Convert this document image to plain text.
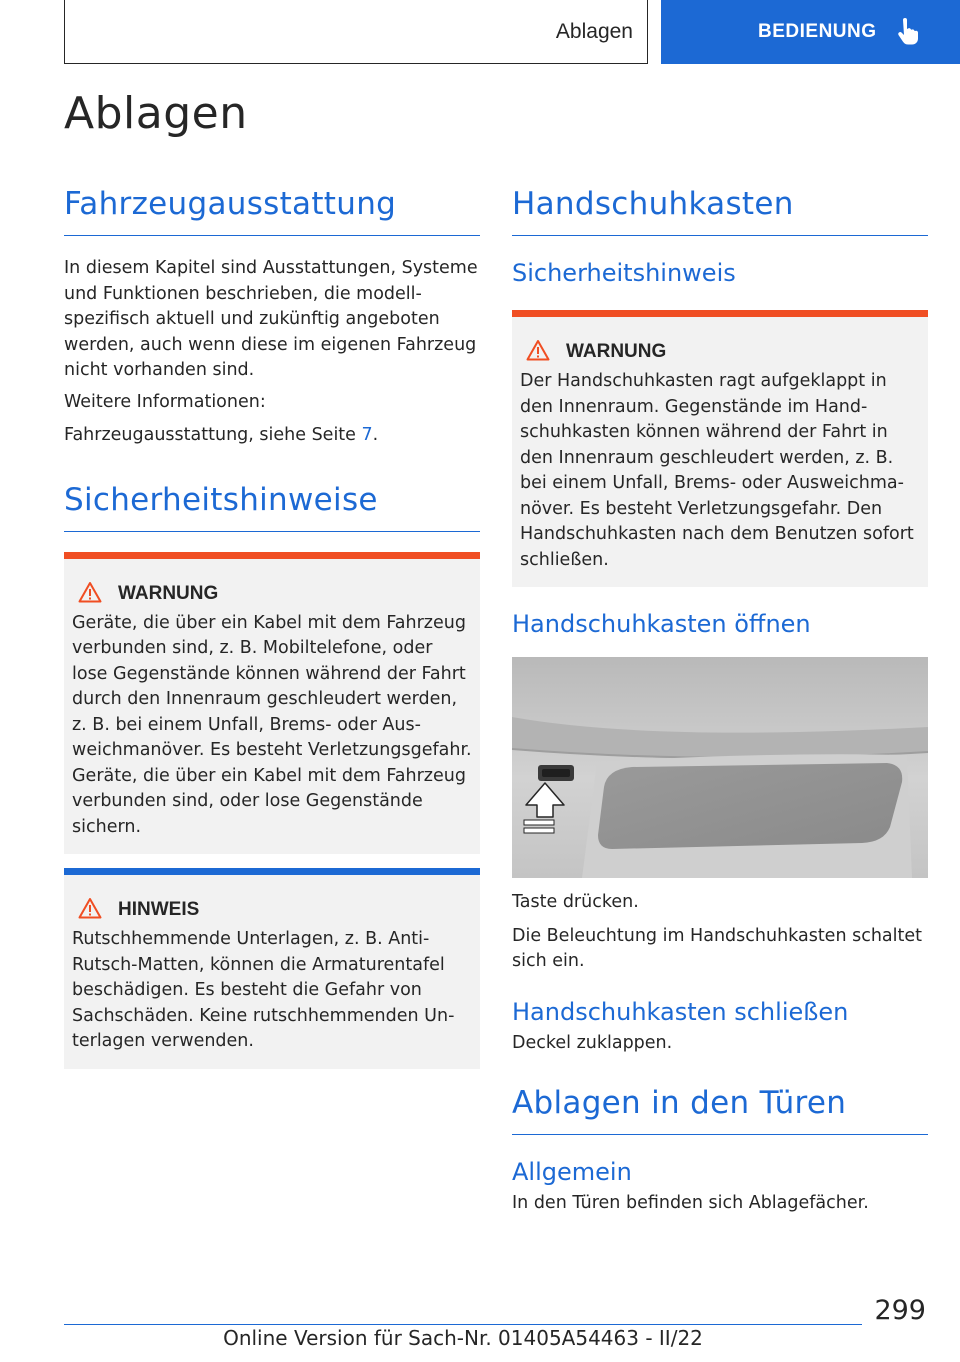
Ablagen	BEDIENUNG
Ablagen
Fahrzeugausstattung

In diesem Kapitel sind Ausstattungen, Systeme und Funktionen beschrieben, die modellspezifisch aktuell und zukünftig angeboten werden, auch wenn diese im eigenen Fahrzeug nicht vorhanden sind.

Weitere Informationen:

Fahrzeugausstattung, siehe Seite 7.

Sicherheitshinweise
WARNUNG

Geräte, die über ein Kabel mit dem Fahrzeug verbunden sind, z. B. Mobiltelefone, oder lose Gegenstände können während der Fahrt durch den Innenraum geschleudert werden, z. B. bei einem Unfall, Brems- oder Ausweichmanöver. Es besteht Verletzungsgefahr. Geräte, die über ein Kabel mit dem Fahrzeug verbunden sind, oder lose Gegenstände sichern.

HINWEIS

Rutschhemmende Unterlagen, z. B. Anti-Rutsch-Matten, können die Armaturentafel beschädigen. Es besteht die Gefahr von Sachschäden. Keine rutschhemmenden Unterlagen verwenden.

Handschuhkasten
Sicherheitshinweis
WARNUNG

Der Handschuhkasten ragt aufgeklappt in den Innenraum. Gegenstände im Handschuhkasten können während der Fahrt in den Innenraum geschleudert werden, z. B. bei einem Unfall, Brems- oder Ausweichmanöver. Es besteht Verletzungsgefahr. Den Handschuhkasten nach dem Benutzen sofort schließen.

Handschuhkasten öffnen

Taste drücken.

Die Beleuchtung im Handschuhkasten schaltet sich ein.

Handschuhkasten schließen

Deckel zuklappen.

Ablagen in den Türen
Allgemein

In den Türen befinden sich Ablagefächer.

299
Online Version für Sach-Nr. 01405A54463 - II/22
